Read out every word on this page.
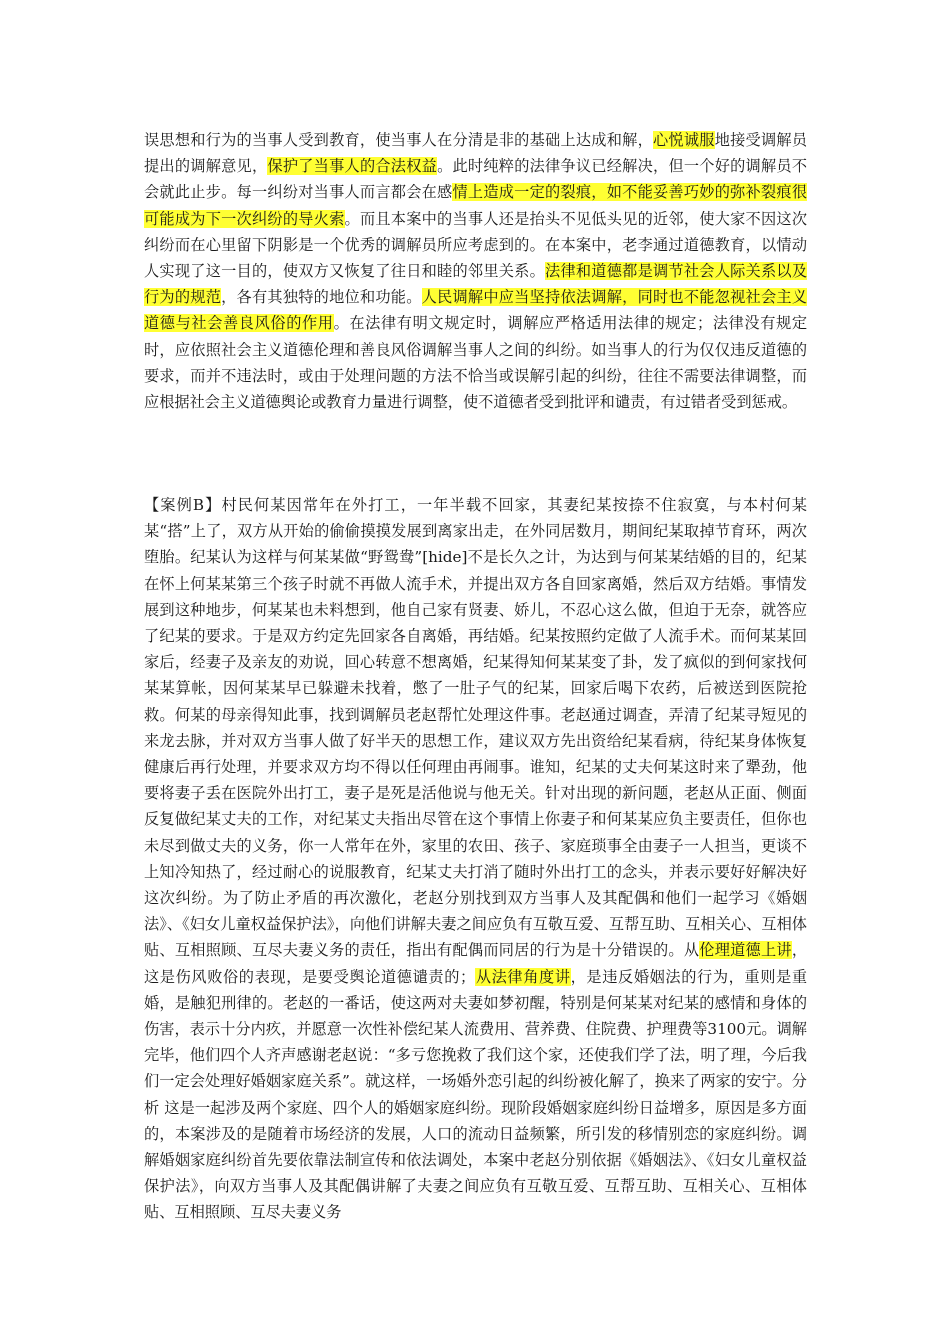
误思想和行为的当事人受到教育，使当事人在分清是非的基础上达成和解，心悦诚服地接受调解员提出的调解意见，保护了当事人的合法权益。此时纯粹的法律争议已经解决，但一个好的调解员不会就此止步。每一纠纷对当事人而言都会在感情上造成一定的裂痕，如不能妥善巧妙的弥补裂痕很可能成为下一次纠纷的导火索。而且本案中的当事人还是抬头不见低头见的近邻，使大家不因这次纠纷而在心里留下阴影是一个优秀的调解员所应考虑到的。在本案中，老李通过道德教育，以情动人实现了这一目的，使双方又恢复了往日和睦的邻里关系。法律和道德都是调节社会人际关系以及行为的规范，各有其独特的地位和功能。人民调解中应当坚持依法调解，同时也不能忽视社会主义道德与社会善良风俗的作用。在法律有明文规定时，调解应严格适用法律的规定；法律没有规定时，应依照社会主义道德伦理和善良风俗调解当事人之间的纠纷。如当事人的行为仅仅违反道德的要求，而并不违法时，或由于处理问题的方法不恰当或误解引起的纠纷，往往不需要法律调整，而应根据社会主义道德舆论或教育力量进行调整，使不道德者受到批评和谴责，有过错者受到惩戒。

【案例B】村民何某因常年在外打工，一年半载不回家，其妻纪某按捺不住寂寞，与本村何某某“搭”上了，双方从开始的偷偷摸摸发展到离家出走，在外同居数月，期间纪某取掉节育环，两次堕胎。纪某认为这样与何某某做“野鸳鸯”[hide]不是长久之计，为达到与何某某结婚的目的，纪某在怀上何某某第三个孩子时就不再做人流手术，并提出双方各自回家离婚，然后双方结婚。事情发展到这种地步，何某某也未料想到，他自己家有贤妻、娇儿，不忍心这么做，但迫于无奈，就答应了纪某的要求。于是双方约定先回家各自离婚，再结婚。纪某按照约定做了人流手术。而何某某回家后，经妻子及亲友的劝说，回心转意不想离婚，纪某得知何某某变了卦，发了疯似的到何家找何某某算帐，因何某某早已躲避未找着，憋了一肚子气的纪某，回家后喝下农药，后被送到医院抢救。何某的母亲得知此事，找到调解员老赵帮忙处理这件事。老赵通过调查，弄清了纪某寻短见的来龙去脉，并对双方当事人做了好半天的思想工作，建议双方先出资给纪某看病，待纪某身体恢复健康后再行处理，并要求双方均不得以任何理由再闹事。谁知，纪某的丈夫何某这时来了犟劲，他要将妻子丢在医院外出打工，妻子是死是活他说与他无关。针对出现的新问题，老赵从正面、侧面反复做纪某丈夫的工作，对纪某丈夫指出尽管在这个事情上你妻子和何某某应负主要责任，但你也未尽到做丈夫的义务，你一人常年在外，家里的农田、孩子、家庭琐事全由妻子一人担当，更谈不上知冷知热了，经过耐心的说服教育，纪某丈夫打消了随时外出打工的念头，并表示要好好解决好这次纠纷。为了防止矛盾的再次激化，老赵分别找到双方当事人及其配偶和他们一起学习《婚姻法》、《妇女儿童权益保护法》，向他们讲解夫妻之间应负有互敬互爱、互帮互助、互相关心、互相体贴、互相照顾、互尽夫妻义务的责任，指出有配偶而同居的行为是十分错误的。从伦理道德上讲，这是伤风败俗的表现，是要受舆论道德谴责的；从法律角度讲，是违反婚姻法的行为，重则是重婚，是触犯刑律的。老赵的一番话，使这两对夫妻如梦初醒，特别是何某某对纪某的感情和身体的伤害，表示十分内疚，并愿意一次性补偿纪某人流费用、营养费、住院费、护理费等3100元。调解完毕，他们四个人齐声感谢老赵说：“多亏您挽救了我们这个家，还使我们学了法，明了理，今后我们一定会处理好婚姻家庭关系”。就这样，一场婚外恋引起的纠纷被化解了，换来了两家的安宁。分析 这是一起涉及两个家庭、四个人的婚姻家庭纠纷。现阶段婚姻家庭纠纷日益增多，原因是多方面的，本案涉及的是随着市场经济的发展，人口的流动日益频繁，所引发的移情别恋的家庭纠纷。调解婚姻家庭纠纷首先要依靠法制宣传和依法调处，本案中老赵分别依据《婚姻法》、《妇女儿童权益保护法》，向双方当事人及其配偶讲解了夫妻之间应负有互敬互爱、互帮互助、互相关心、互相体贴、互相照顾、互尽夫妻义务
